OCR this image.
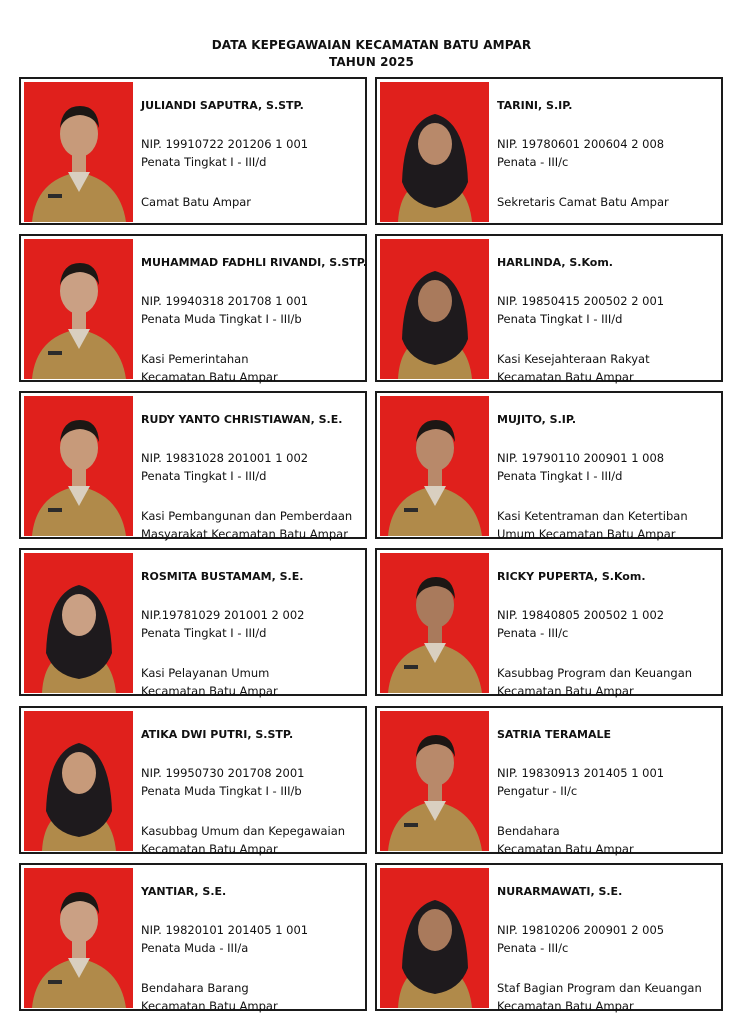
DATA KEPEGAWAIAN KECAMATAN BATU AMPAR
TAHUN 2025
JULIANDI SAPUTRA, S.STP.
NIP. 19910722 201206 1 001
Penata Tingkat I - III/d
Camat Batu Ampar
TARINI, S.IP.
NIP. 19780601 200604 2 008
Penata - III/c
Sekretaris Camat Batu Ampar
MUHAMMAD FADHLI RIVANDI, S.STP.
NIP. 19940318 201708 1 001
Penata Muda Tingkat I - III/b
Kasi Pemerintahan
Kecamatan Batu Ampar
HARLINDA, S.Kom.
NIP. 19850415 200502 2 001
Penata Tingkat I - III/d
Kasi Kesejahteraan Rakyat
Kecamatan Batu Ampar
RUDY YANTO CHRISTIAWAN, S.E.
NIP. 19831028 201001 1 002
Penata Tingkat I - III/d
Kasi Pembangunan dan Pemberdaan
Masyarakat Kecamatan Batu Ampar
MUJITO, S.IP.
NIP. 19790110 200901 1 008
Penata Tingkat I - III/d
Kasi Ketentraman dan Ketertiban
Umum Kecamatan Batu Ampar
ROSMITA BUSTAMAM, S.E.
NIP.19781029 201001 2 002
Penata Tingkat I - III/d
Kasi Pelayanan Umum
Kecamatan Batu Ampar
RICKY PUPERTA, S.Kom.
NIP. 19840805 200502 1 002
Penata - III/c
Kasubbag Program dan Keuangan
Kecamatan Batu Ampar
ATIKA DWI PUTRI, S.STP.
NIP. 19950730 201708 2001
Penata Muda Tingkat I - III/b
Kasubbag Umum dan Kepegawaian
Kecamatan Batu Ampar
SATRIA TERAMALE
NIP. 19830913 201405 1 001
Pengatur - II/c
Bendahara
Kecamatan Batu Ampar
YANTIAR, S.E.
NIP. 19820101 201405 1 001
Penata Muda - III/a
Bendahara Barang
Kecamatan Batu Ampar
NURARMAWATI, S.E.
NIP. 19810206 200901 2 005
Penata - III/c
Staf Bagian Program dan Keuangan
Kecamatan Batu Ampar
